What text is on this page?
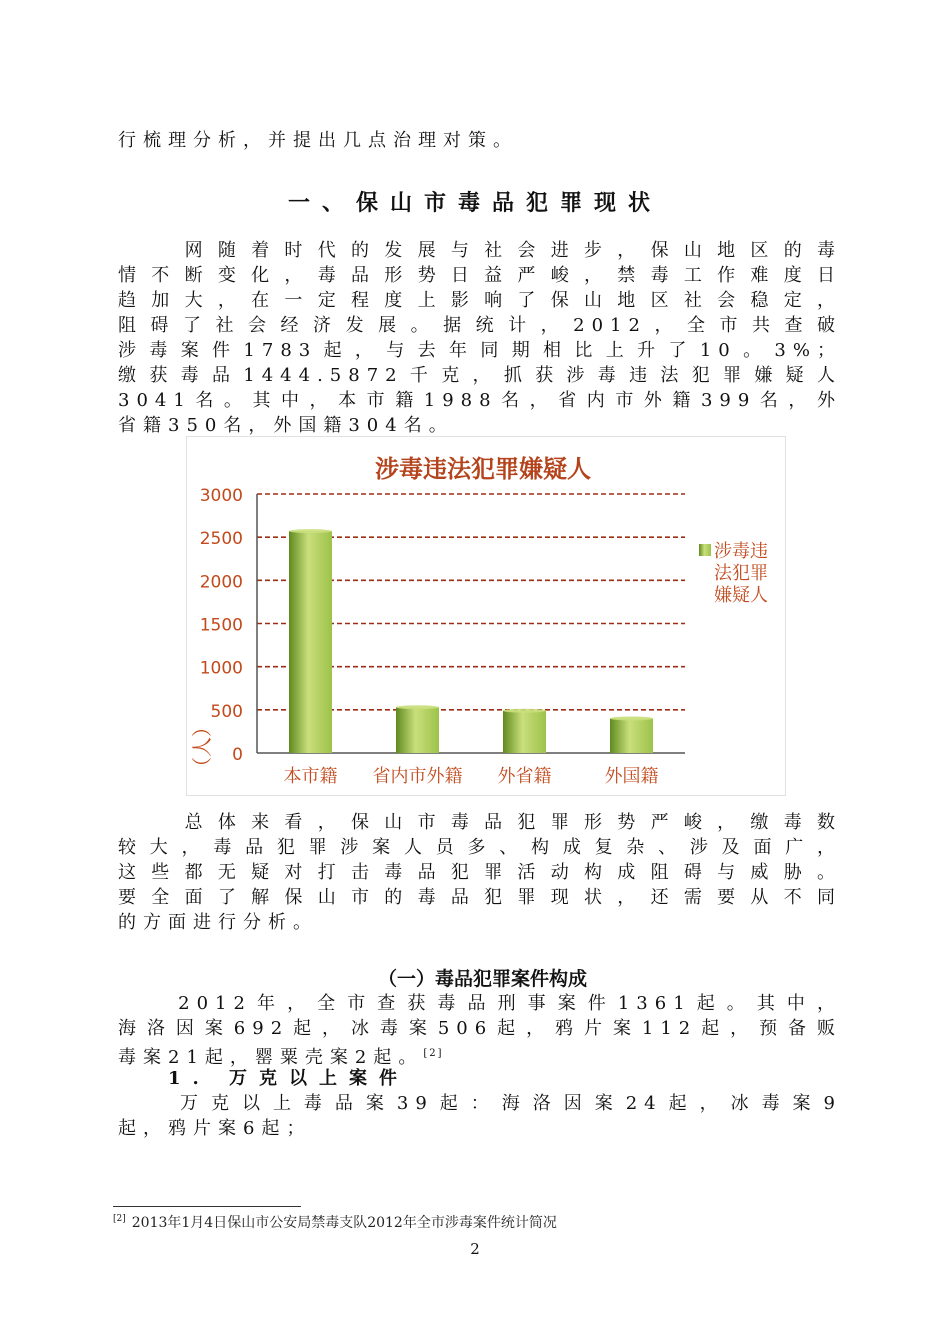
行梳理分析，并提出几点治理对策。
一、保山市毒品犯罪现状
　　网随着时代的发展与社会进步，保山地区的毒
情不断变化，毒品形势日益严峻，禁毒工作难度日
趋加大，在一定程度上影响了保山地区社会稳定，
阻碍了社会经济发展。据统计，2012，全市共查破
涉毒案件1783起，与去年同期相比上升了10。3%；
缴获毒品1444.5872千克，抓获涉毒违法犯罪嫌疑人
3041名。其中，本市籍1988名，省内市外籍399名，外
省籍350名，外国籍304名。
涉毒违法犯罪嫌疑人
0
500
1000
1500
2000
2500
3000
（人）	本市籍 省内市外籍 外省籍	外国籍
涉毒违
法犯罪
嫌疑人
　　总体来看，保山市毒品犯罪形势严峻，缴毒数
较大，毒品犯罪涉案人员多、构成复杂、涉及面广，
这些都无疑对打击毒品犯罪活动构成阻碍与威胁。
要全面了解保山市的毒品犯罪现状，还需要从不同
的方面进行分析。
（一）毒品犯罪案件构成
　　2012年，全市查获毒品刑事案件1361起。其中，
海洛因案692起，冰毒案506起，鸦片案112起，预备贩
毒案21起，罂粟壳案2起。[2]
1. 万克以上案件
　　万克以上毒品案39起：海洛因案24起，冰毒案9
起，鸦片案6起；
[2] 2013年1月4日保山市公安局禁毒支队2012年全市涉毒案件统计简况
2
